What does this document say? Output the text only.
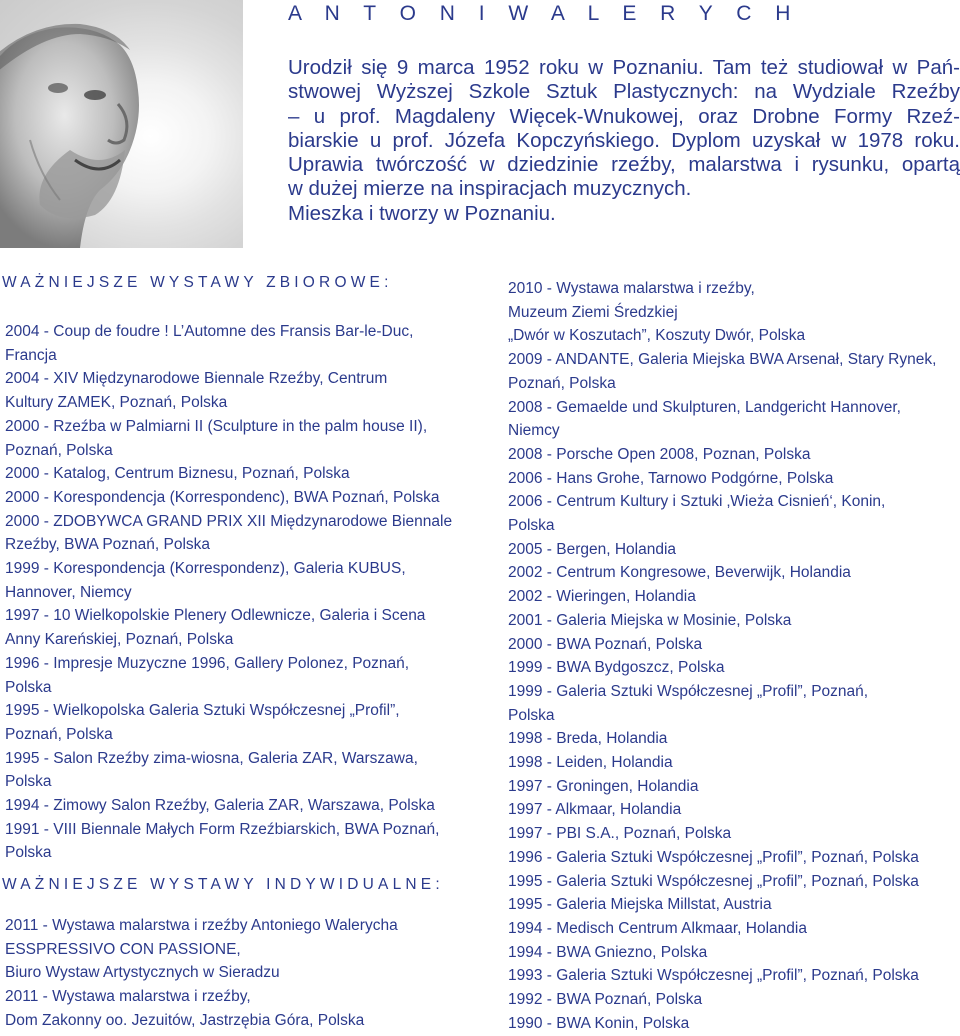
A N T O N I W A L E R Y C H

Urodził się 9 marca 1952 roku w Poznaniu. Tam też studiował w Pań-
stwowej Wyższej Szkole Sztuk Plastycznych: na Wydziale Rzeźby
– u prof. Magdaleny Więcek-Wnukowej, oraz Drobne Formy Rzeź-
biarskie u prof. Józefa Kopczyńskiego. Dyplom uzyskał w 1978 roku.
Uprawia twórczość w dziedzinie rzeźby, malarstwa i rysunku, opartą
w dużej mierze na inspiracjach muzycznych.
Mieszka i tworzy w Poznaniu.

WAŻNIEJSZE WYSTAWY ZBIOROWE:
2004 - Coup de foudre ! L’Automne des Fransis Bar-le-Duc,
Francja
2004 - XIV Międzynarodowe Biennale Rzeźby, Centrum
Kultury ZAMEK, Poznań, Polska
2000 - Rzeźba w Palmiarni II (Sculpture in the palm house II),
Poznań, Polska
2000 - Katalog, Centrum Biznesu, Poznań, Polska
2000 - Korespondencja (Korrespondenc), BWA Poznań, Polska
2000 - ZDOBYWCA GRAND PRIX XII Międzynarodowe Biennale
Rzeźby, BWA Poznań, Polska
1999 - Korespondencja (Korrespondenz), Galeria KUBUS,
Hannover, Niemcy
1997 - 10 Wielkopolskie Plenery Odlewnicze, Galeria i Scena
Anny Kareńskiej, Poznań, Polska
1996 - Impresje Muzyczne 1996, Gallery Polonez, Poznań,
Polska
1995 - Wielkopolska Galeria Sztuki Współczesnej „Profil”,
Poznań, Polska
1995 - Salon Rzeźby zima-wiosna, Galeria ZAR, Warszawa,
Polska
1994 - Zimowy Salon Rzeźby, Galeria ZAR, Warszawa, Polska
1991 - VIII Biennale Małych Form Rzeźbiarskich, BWA Poznań,
Polska
WAŻNIEJSZE WYSTAWY INDYWIDUALNE:
2011 - Wystawa malarstwa i rzeźby Antoniego Walerycha
ESSPRESSIVO CON PASSIONE,
Biuro Wystaw Artystycznych w Sieradzu
2011 - Wystawa malarstwa i rzeźby,
Dom Zakonny oo. Jezuitów, Jastrzębia Góra, Polska
2010 - Wystawa malarstwa i rzeźby,
Muzeum Ziemi Średzkiej
„Dwór w Koszutach”, Koszuty Dwór, Polska
2009 - ANDANTE, Galeria Miejska BWA Arsenał, Stary Rynek,
Poznań, Polska
2008 - Gemaelde und Skulpturen, Landgericht Hannover,
Niemcy
2008 - Porsche Open 2008, Poznan, Polska
2006 - Hans Grohe, Tarnowo Podgórne, Polska
2006 - Centrum Kultury i Sztuki ‚Wieża Cisnień‘, Konin,
Polska
2005 - Bergen, Holandia
2002 - Centrum Kongresowe, Beverwijk, Holandia
2002 - Wieringen, Holandia
2001 - Galeria Miejska w Mosinie, Polska
2000 - BWA Poznań, Polska
1999 - BWA Bydgoszcz, Polska
1999 - Galeria Sztuki Współczesnej „Profil”, Poznań,
Polska
1998 - Breda, Holandia
1998 - Leiden, Holandia
1997 - Groningen, Holandia
1997 - Alkmaar, Holandia
1997 - PBI S.A., Poznań, Polska
1996 - Galeria Sztuki Współczesnej „Profil”, Poznań, Polska
1995 - Galeria Sztuki Współczesnej „Profil”, Poznań, Polska
1995 - Galeria Miejska Millstat, Austria
1994 - Medisch Centrum Alkmaar, Holandia
1994 - BWA Gniezno, Polska
1993 - Galeria Sztuki Współczesnej „Profil”, Poznań, Polska
1992 - BWA Poznań, Polska
1990 - BWA Konin, Polska
